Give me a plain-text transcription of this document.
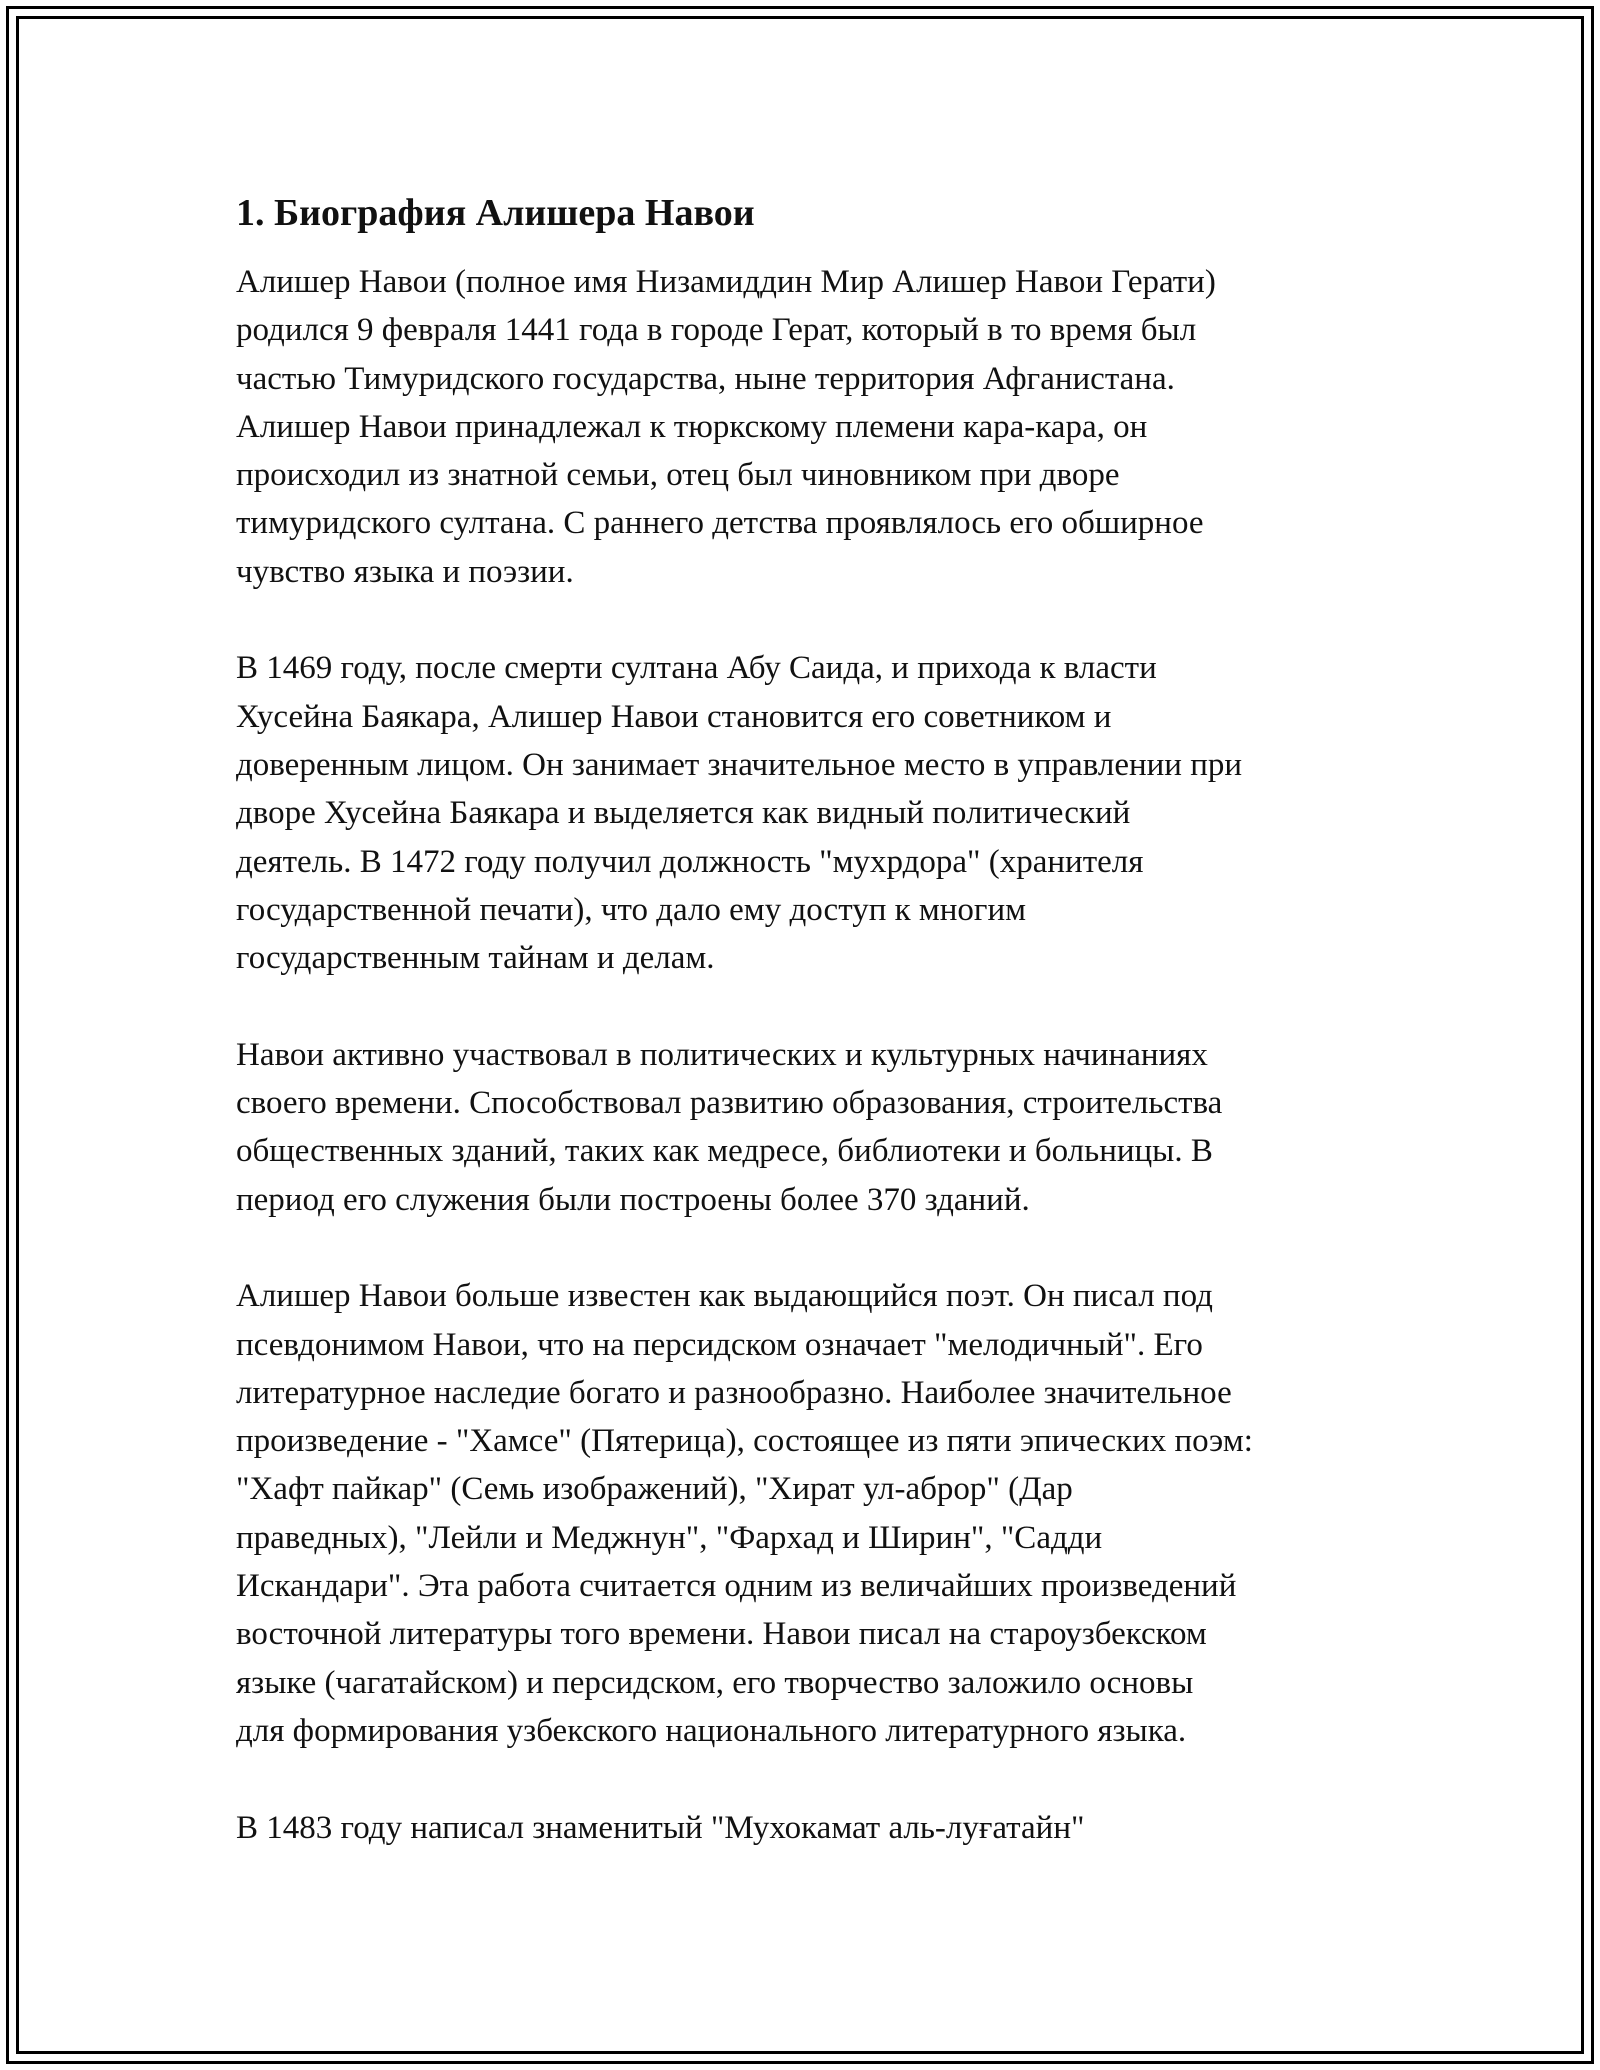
1. Биография Алишера Навои
Алишер Навои (полное имя Низамиддин Мир Алишер Навои Герати)
родился 9 февраля 1441 года в городе Герат, который в то время был
частью Тимуридского государства, ныне территория Афганистана.
Алишер Навои принадлежал к тюркскому племени кара-кара, он
происходил из знатной семьи, отец был чиновником при дворе
тимуридского султана. С раннего детства проявлялось его обширное
чувство языка и поэзии.
В 1469 году, после смерти султана Абу Саида, и прихода к власти
Хусейна Баякара, Алишер Навои становится его советником и
доверенным лицом. Он занимает значительное место в управлении при
дворе Хусейна Баякара и выделяется как видный политический
деятель. В 1472 году получил должность "мухрдора" (хранителя
государственной печати), что дало ему доступ к многим
государственным тайнам и делам.
Навои активно участвовал в политических и культурных начинаниях
своего времени. Способствовал развитию образования, строительства
общественных зданий, таких как медресе, библиотеки и больницы. В
период его служения были построены более 370 зданий.
Алишер Навои больше известен как выдающийся поэт. Он писал под
псевдонимом Навои, что на персидском означает "мелодичный". Его
литературное наследие богато и разнообразно. Наиболее значительное
произведение - "Хамсе" (Пятерица), состоящее из пяти эпических поэм:
"Хафт пайкар" (Семь изображений), "Хират ул-аброр" (Дар
праведных), "Лейли и Меджнун", "Фархад и Ширин", "Садди
Искандари". Эта работа считается одним из величайших произведений
восточной литературы того времени. Навои писал на староузбекском
языке (чагатайском) и персидском, его творчество заложило основы
для формирования узбекского национального литературного языка.
В 1483 году написал знаменитый "Мухокамат аль-луғатайн"
